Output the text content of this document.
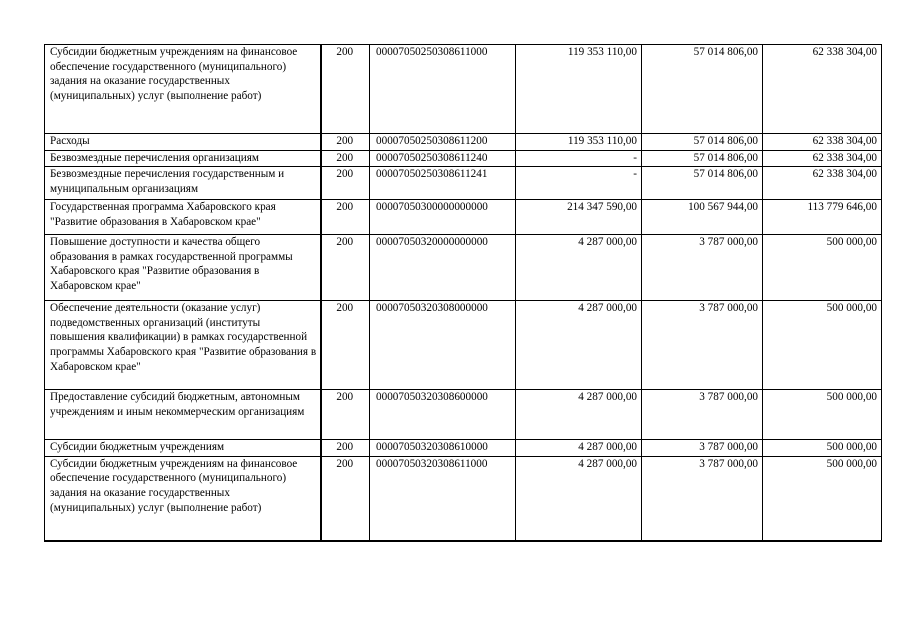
Субсидии бюджетным учреждениям на финансовое обеспечение государственного (муниципального) задания на оказание государственных (муниципальных) услуг (выполнение работ)	200	00007050250308611000	119 353 110,00	57 014 806,00	62 338 304,00
Расходы	200	00007050250308611200	119 353 110,00	57 014 806,00	62 338 304,00
Безвозмездные перечисления организациям	200	00007050250308611240	-	57 014 806,00	62 338 304,00
Безвозмездные перечисления государственным и муниципальным организациям	200	00007050250308611241	-	57 014 806,00	62 338 304,00
Государственная программа Хабаровского края "Развитие образования в Хабаровском крае"	200	00007050300000000000	214 347 590,00	100 567 944,00	113 779 646,00
Повышение доступности и качества общего образования в рамках государственной программы Хабаровского края "Развитие образования в Хабаровском крае"	200	00007050320000000000	4 287 000,00	3 787 000,00	500 000,00
Обеспечение деятельности (оказание услуг) подведомственных организаций (институты повышения квалификации) в рамках государственной программы Хабаровского края "Развитие образования в Хабаровском крае"	200	00007050320308000000	4 287 000,00	3 787 000,00	500 000,00
Предоставление субсидий бюджетным, автономным учреждениям и иным некоммерческим организациям	200	00007050320308600000	4 287 000,00	3 787 000,00	500 000,00
Субсидии бюджетным учреждениям	200	00007050320308610000	4 287 000,00	3 787 000,00	500 000,00
Субсидии бюджетным учреждениям на финансовое обеспечение государственного (муниципального) задания на оказание государственных (муниципальных) услуг (выполнение работ)	200	00007050320308611000	4 287 000,00	3 787 000,00	500 000,00
